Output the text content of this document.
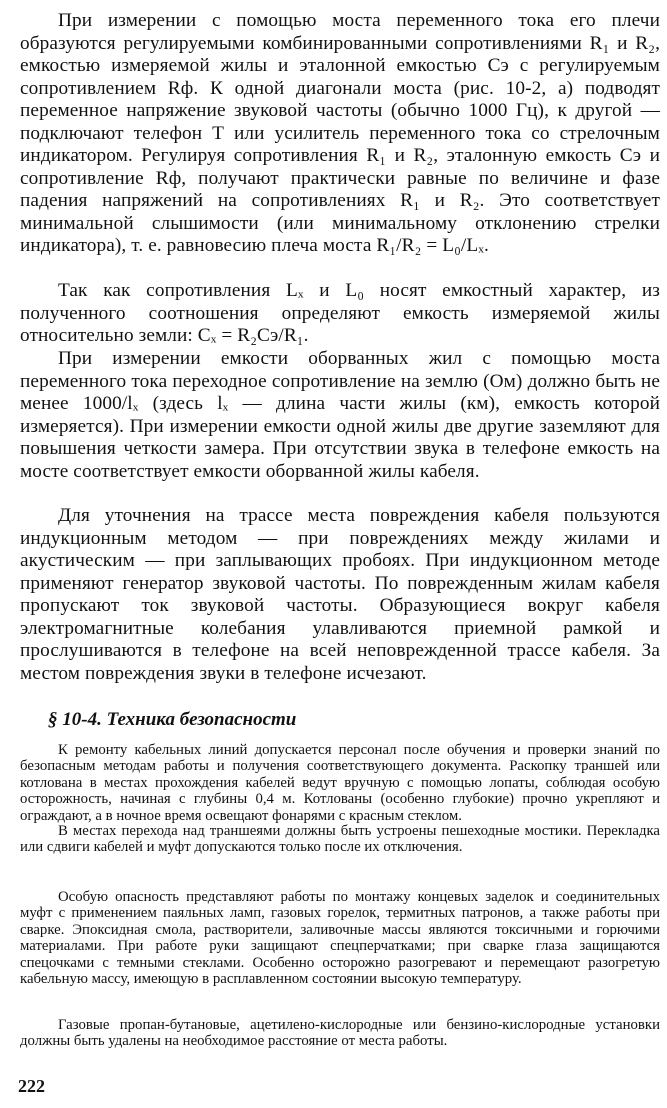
При измерении с помощью моста переменного тока его плечи образуются регулируемыми комбинированными сопротивлениями R₁ и R₂, емкостью измеряемой жилы и эталонной емкостью Cэ с регулируемым сопротивлением Rф. К одной диагонали моста (рис. 10-2, а) подводят переменное напряжение звуковой частоты (обычно 1000 Гц), к другой — подключают телефон Т или усилитель переменного тока со стрелочным индикатором. Регулируя сопротивления R₁ и R₂, эталонную емкость Cэ и сопротивление Rф, получают практически равные по величине и фазе падения напряжений на сопротивлениях R₁ и R₂. Это соответствует минимальной слышимости (или минимальному отклонению стрелки индикатора), т. е. равновесию плеча моста R₁/R₂ = L₀/Lₓ.

Так как сопротивления Lₓ и L₀ носят емкостный характер, из полученного соотношения определяют емкость измеряемой жилы относительно земли: Cₓ = R₂Cэ/R₁.

При измерении емкости оборванных жил с помощью моста переменного тока переходное сопротивление на землю (Ом) должно быть не менее 1000/lₓ (здесь lₓ — длина части жилы (км), емкость которой измеряется). При измерении емкости одной жилы две другие заземляют для повышения четкости замера. При отсутствии звука в телефоне емкость на мосте соответствует емкости оборванной жилы кабеля.

Для уточнения на трассе места повреждения кабеля пользуются индукционным методом — при повреждениях между жилами и акустическим — при заплывающих пробоях. При индукционном методе применяют генератор звуковой частоты. По поврежденным жилам кабеля пропускают ток звуковой частоты. Образующиеся вокруг кабеля электромагнитные колебания улавливаются приемной рамкой и прослушиваются в телефоне на всей неповрежденной трассе кабеля. За местом повреждения звуки в телефоне исчезают.

§ 10-4. Техника безопасности

К ремонту кабельных линий допускается персонал после обучения и проверки знаний по безопасным методам работы и получения соответствующего документа. Раскопку траншей или котлована в местах прохождения кабелей ведут вручную с помощью лопаты, соблюдая особую осторожность, начиная с глубины 0,4 м. Котлованы (особенно глубокие) прочно укрепляют и ограждают, а в ночное время освещают фонарями с красным стеклом.

В местах перехода над траншеями должны быть устроены пешеходные мостики. Перекладка или сдвиги кабелей и муфт допускаются только после их отключения.

Особую опасность представляют работы по монтажу концевых заделок и соединительных муфт с применением паяльных ламп, газовых горелок, термитных патронов, а также работы при сварке. Эпоксидная смола, растворители, заливочные массы являются токсичными и горючими материалами. При работе руки защищают спецперчатками; при сварке глаза защищаются спецочками с темными стеклами. Особенно осторожно разогревают и перемещают разогретую кабельную массу, имеющую в расплавленном состоянии высокую температуру.

Газовые пропан-бутановые, ацетилено-кислородные или бензино-кислородные установки должны быть удалены на необходимое расстояние от места работы.

222
